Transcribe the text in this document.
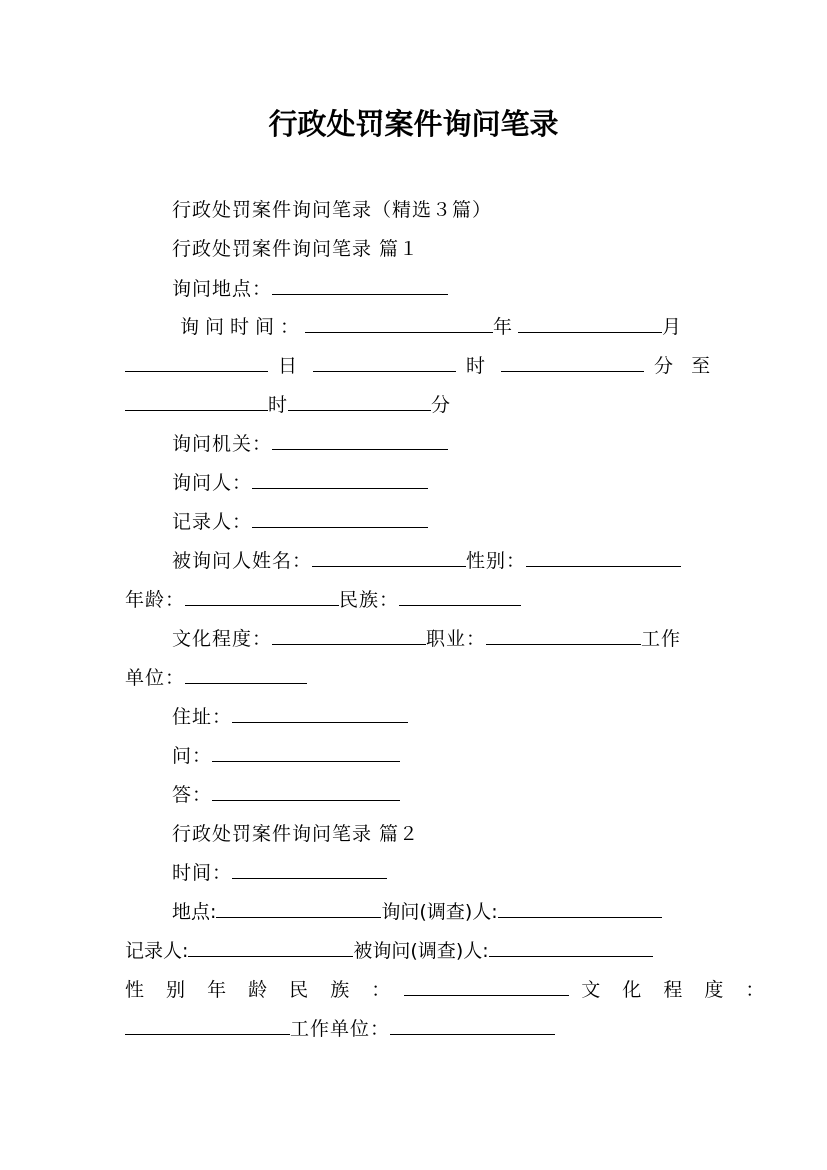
行政处罚案件询问笔录
行政处罚案件询问笔录（精选３篇）
行政处罚案件询问笔录 篇１
询问地点：
询问时间：	年	月
日	时	分 至
时	分
询问机关：
询问人：
记录人：
被询问人姓名：	性别：
年龄：	民族：
文化程度：	职业：	工作
单位：
住址：
问：
答：
行政处罚案件询问笔录 篇２
时间：
地点:	询问(调查)人:
记录人:	被询问(调查)人:
性 别 年 龄 民 族 ：	文 化 程 度 ：
工作单位：
